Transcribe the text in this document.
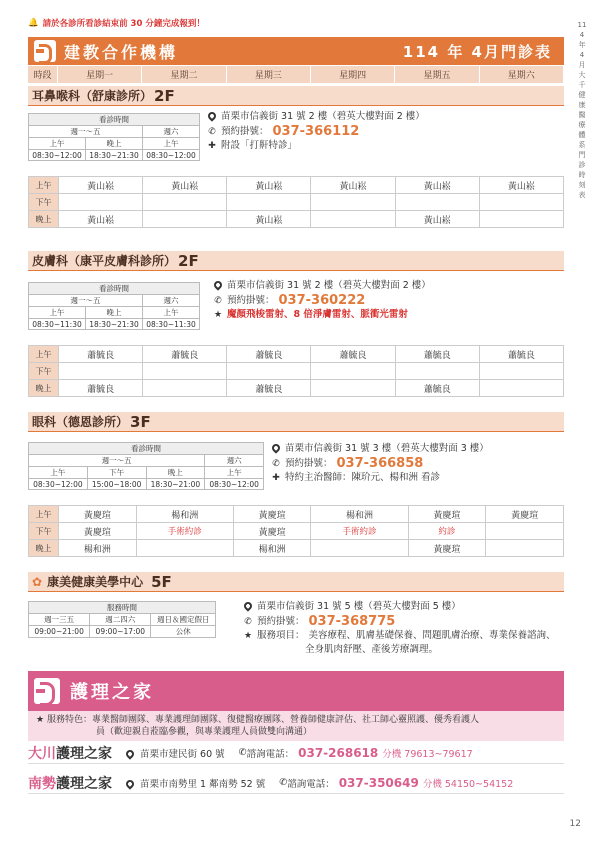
🔔 請於各診所看診結束前 30 分鐘完成報到！	114年4月 大千健康醫療體系 門診時刻表
建教合作機構	114 年 4月門診表
時段	星期一	星期二	星期三	星期四	星期五	星期六
耳鼻喉科（舒康診所） 2F
看診時間		
週一～五		週六
上午	晚上	上午
08:30~12:00	18:30~21:30	08:30~12:00
苗栗市信義街 31 號 2 樓（碧英大樓對面 2 樓）
✆ 預約掛號： 037-366112
✚ 附設「打鼾特診」
上午	黃山崧	黃山崧	黃山崧	黃山崧	黃山崧	黃山崧
下午						
晚上	黃山崧		黃山崧		黃山崧	
皮膚科（康平皮膚科診所） 2F
看診時間		
週一～五		週六
上午	晚上	上午
08:30~11:30	18:30~21:30	08:30~11:30
苗栗市信義街 31 號 2 樓（碧英大樓對面 2 樓）
✆ 預約掛號： 037-360222
★ 魔顏飛梭雷射、8 倍淨膚雷射、脈衝光雷射
上午	蕭毓良	蕭毓良	蕭毓良	蕭毓良	蕭毓良	蕭毓良
下午						
晚上	蕭毓良		蕭毓良		蕭毓良	
眼科（德恩診所） 3F
看診時間			
週一～五			週六
上午	下午	晚上	上午
08:30~12:00	15:00~18:00	18:30~21:00	08:30~12:00
苗栗市信義街 31 號 3 樓（碧英大樓對面 3 樓）
✆ 預約掛號： 037-366858
✚ 特約主治醫師：陳玠元、楊和洲 看診
上午	黃慶瑄	楊和洲	黃慶瑄	楊和洲	黃慶瑄	黃慶瑄
下午	黃慶瑄	手術約診	黃慶瑄	手術約診	約診	
晚上	楊和洲		楊和洲		黃慶瑄	
✿ 康美健康美學中心 5F
服務時間		
週一三五	週二四六	週日＆國定假日
09:00~21:00	09:00~17:00	公休
苗栗市信義街 31 號 5 樓（碧英大樓對面 5 樓）
✆ 預約掛號： 037-368775
★ 服務項目： 美容療程、肌膚基礎保養、問題肌膚治療、專業保養諮詢、
全身肌肉舒壓、產後芳療調理。
護理之家
★ 服務特色：專業醫師團隊、專業護理師團隊、復健醫療團隊、營養師健康評估、社工師心靈照護、優秀看護人
員（歡迎親自蒞臨參觀，與專業護理人員做雙向溝通）
大川護理之家	苗栗市建民街 60 號 ✆ 諮詢電話： 037-268618 分機 79613~79617
南勢護理之家	苗栗市南勢里 1 鄰南勢 52 號 ✆ 諮詢電話： 037-350649 分機 54150~54152
12
